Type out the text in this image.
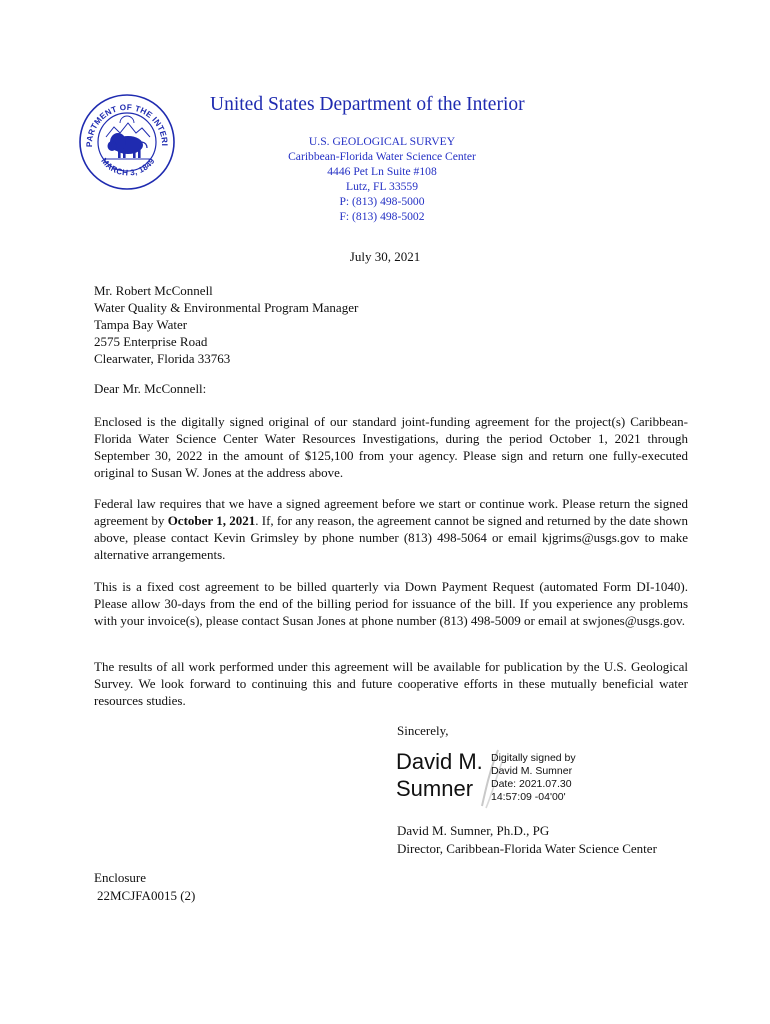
PARTMENT OF THE INTERI
MARCH 3, 1849
United States Department of the Interior
U.S. GEOLOGICAL SURVEY
Caribbean-Florida Water Science Center
4446 Pet Ln Suite #108
Lutz, FL 33559
P: (813) 498-5000
F: (813) 498-5002
July 30, 2021
Mr. Robert McConnell
Water Quality & Environmental Program Manager
Tampa Bay Water
2575 Enterprise Road
Clearwater, Florida 33763
Dear Mr. McConnell:
Enclosed is the digitally signed original of our standard joint-funding agreement for the project(s) Caribbean-Florida Water Science Center Water Resources Investigations, during the period October 1, 2021 through September 30, 2022 in the amount of $125,100 from your agency. Please sign and return one fully-executed original to Susan W. Jones at the address above.
Federal law requires that we have a signed agreement before we start or continue work. Please return the signed agreement by October 1, 2021. If, for any reason, the agreement cannot be signed and returned by the date shown above, please contact Kevin Grimsley by phone number (813) 498-5064 or email kjgrims@usgs.gov to make alternative arrangements.
This is a fixed cost agreement to be billed quarterly via Down Payment Request (automated Form DI-1040). Please allow 30-days from the end of the billing period for issuance of the bill. If you experience any problems with your invoice(s), please contact Susan Jones at phone number (813) 498-5009 or email at swjones@usgs.gov.
The results of all work performed under this agreement will be available for publication by the U.S. Geological Survey. We look forward to continuing this and future cooperative efforts in these mutually beneficial water resources studies.
Sincerely,
David M.
Sumner
Digitally signed by
David M. Sumner
Date: 2021.07.30
14:57:09 -04'00'
David M. Sumner, Ph.D., PG
Director, Caribbean-Florida Water Science Center
Enclosure
22MCJFA0015 (2)
